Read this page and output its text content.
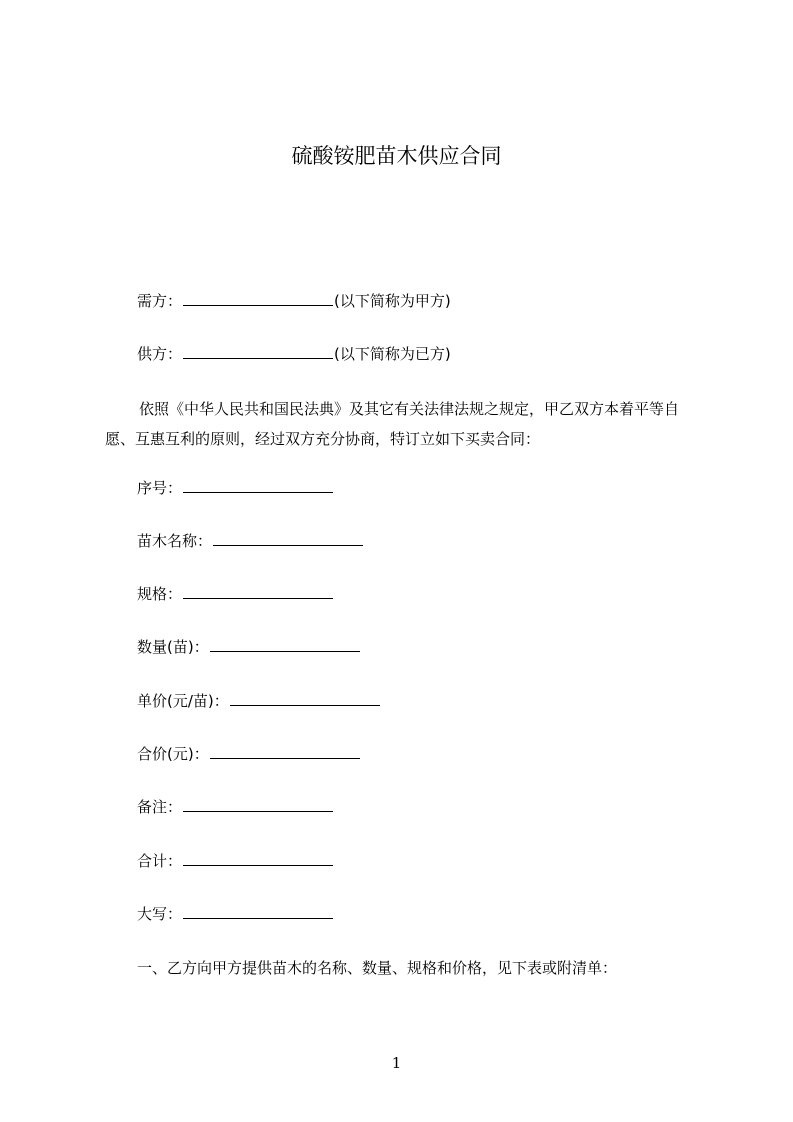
硫酸铵肥苗木供应合同
需方：	(以下简称为甲方)
供方：	(以下简称为已方)
依照《中华人民共和国民法典》及其它有关法律法规之规定，甲乙双方本着平等自愿、互惠互利的原则，经过双方充分协商，特订立如下买卖合同：
序号：
苗木名称：
规格：
数量(苗)：
单价(元/苗)：
合价(元)：
备注：
合计：
大写：
一、乙方向甲方提供苗木的名称、数量、规格和价格，见下表或附清单：
1
